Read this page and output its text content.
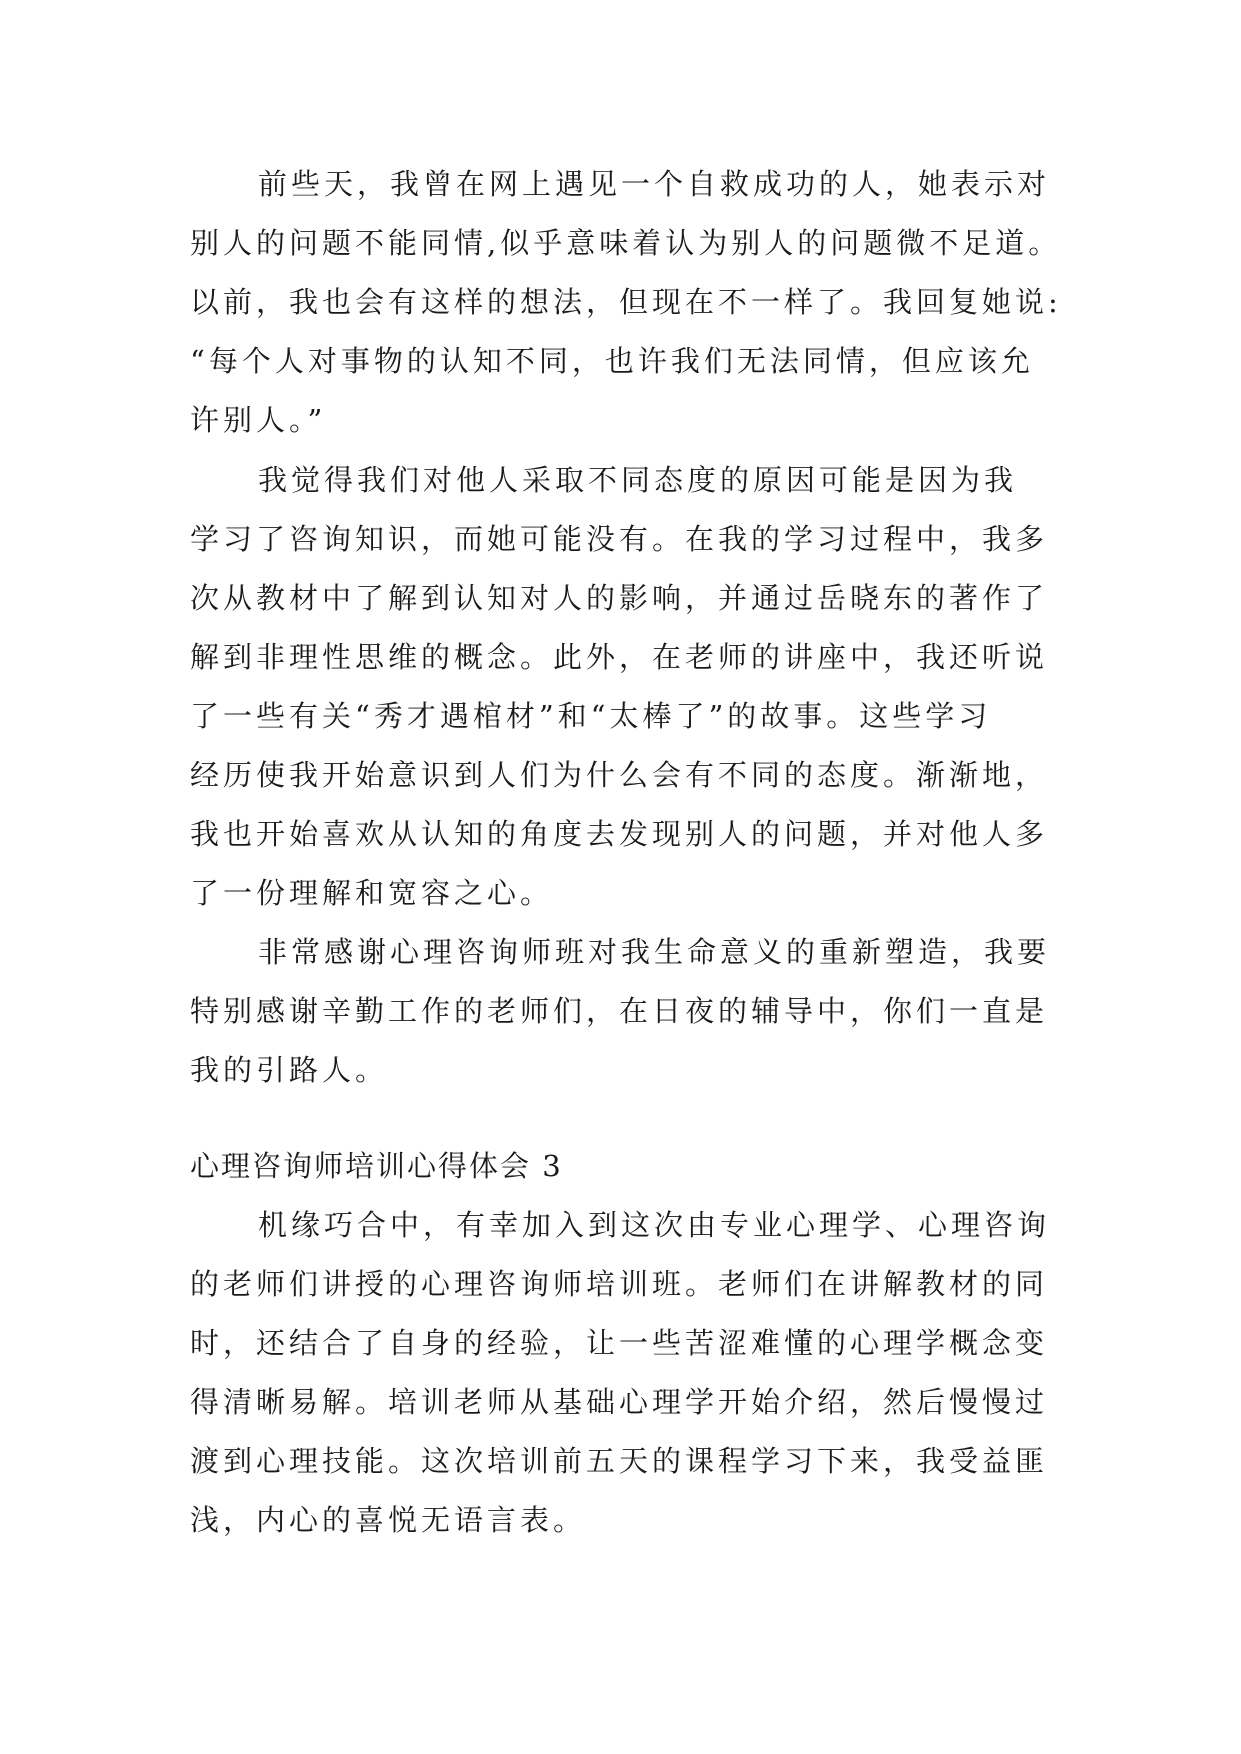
前些天，我曾在网上遇见一个自救成功的人，她表示对
别人的问题不能同情,似乎意味着认为别人的问题微不足道。
以前，我也会有这样的想法，但现在不一样了。我回复她说:
“每个人对事物的认知不同，也许我们无法同情，但应该允
许别人。”
我觉得我们对他人采取不同态度的原因可能是因为我
学习了咨询知识，而她可能没有。在我的学习过程中，我多
次从教材中了解到认知对人的影响，并通过岳晓东的著作了
解到非理性思维的概念。此外，在老师的讲座中，我还听说
了一些有关“秀才遇棺材”和“太棒了”的故事。这些学习
经历使我开始意识到人们为什么会有不同的态度。渐渐地，
我也开始喜欢从认知的角度去发现别人的问题，并对他人多
了一份理解和宽容之心。
非常感谢心理咨询师班对我生命意义的重新塑造，我要
特别感谢辛勤工作的老师们，在日夜的辅导中，你们一直是
我的引路人。
心理咨询师培训心得体会 3
机缘巧合中，有幸加入到这次由专业心理学、心理咨询
的老师们讲授的心理咨询师培训班。老师们在讲解教材的同
时，还结合了自身的经验，让一些苦涩难懂的心理学概念变
得清晰易解。培训老师从基础心理学开始介绍，然后慢慢过
渡到心理技能。这次培训前五天的课程学习下来，我受益匪
浅，内心的喜悦无语言表。
